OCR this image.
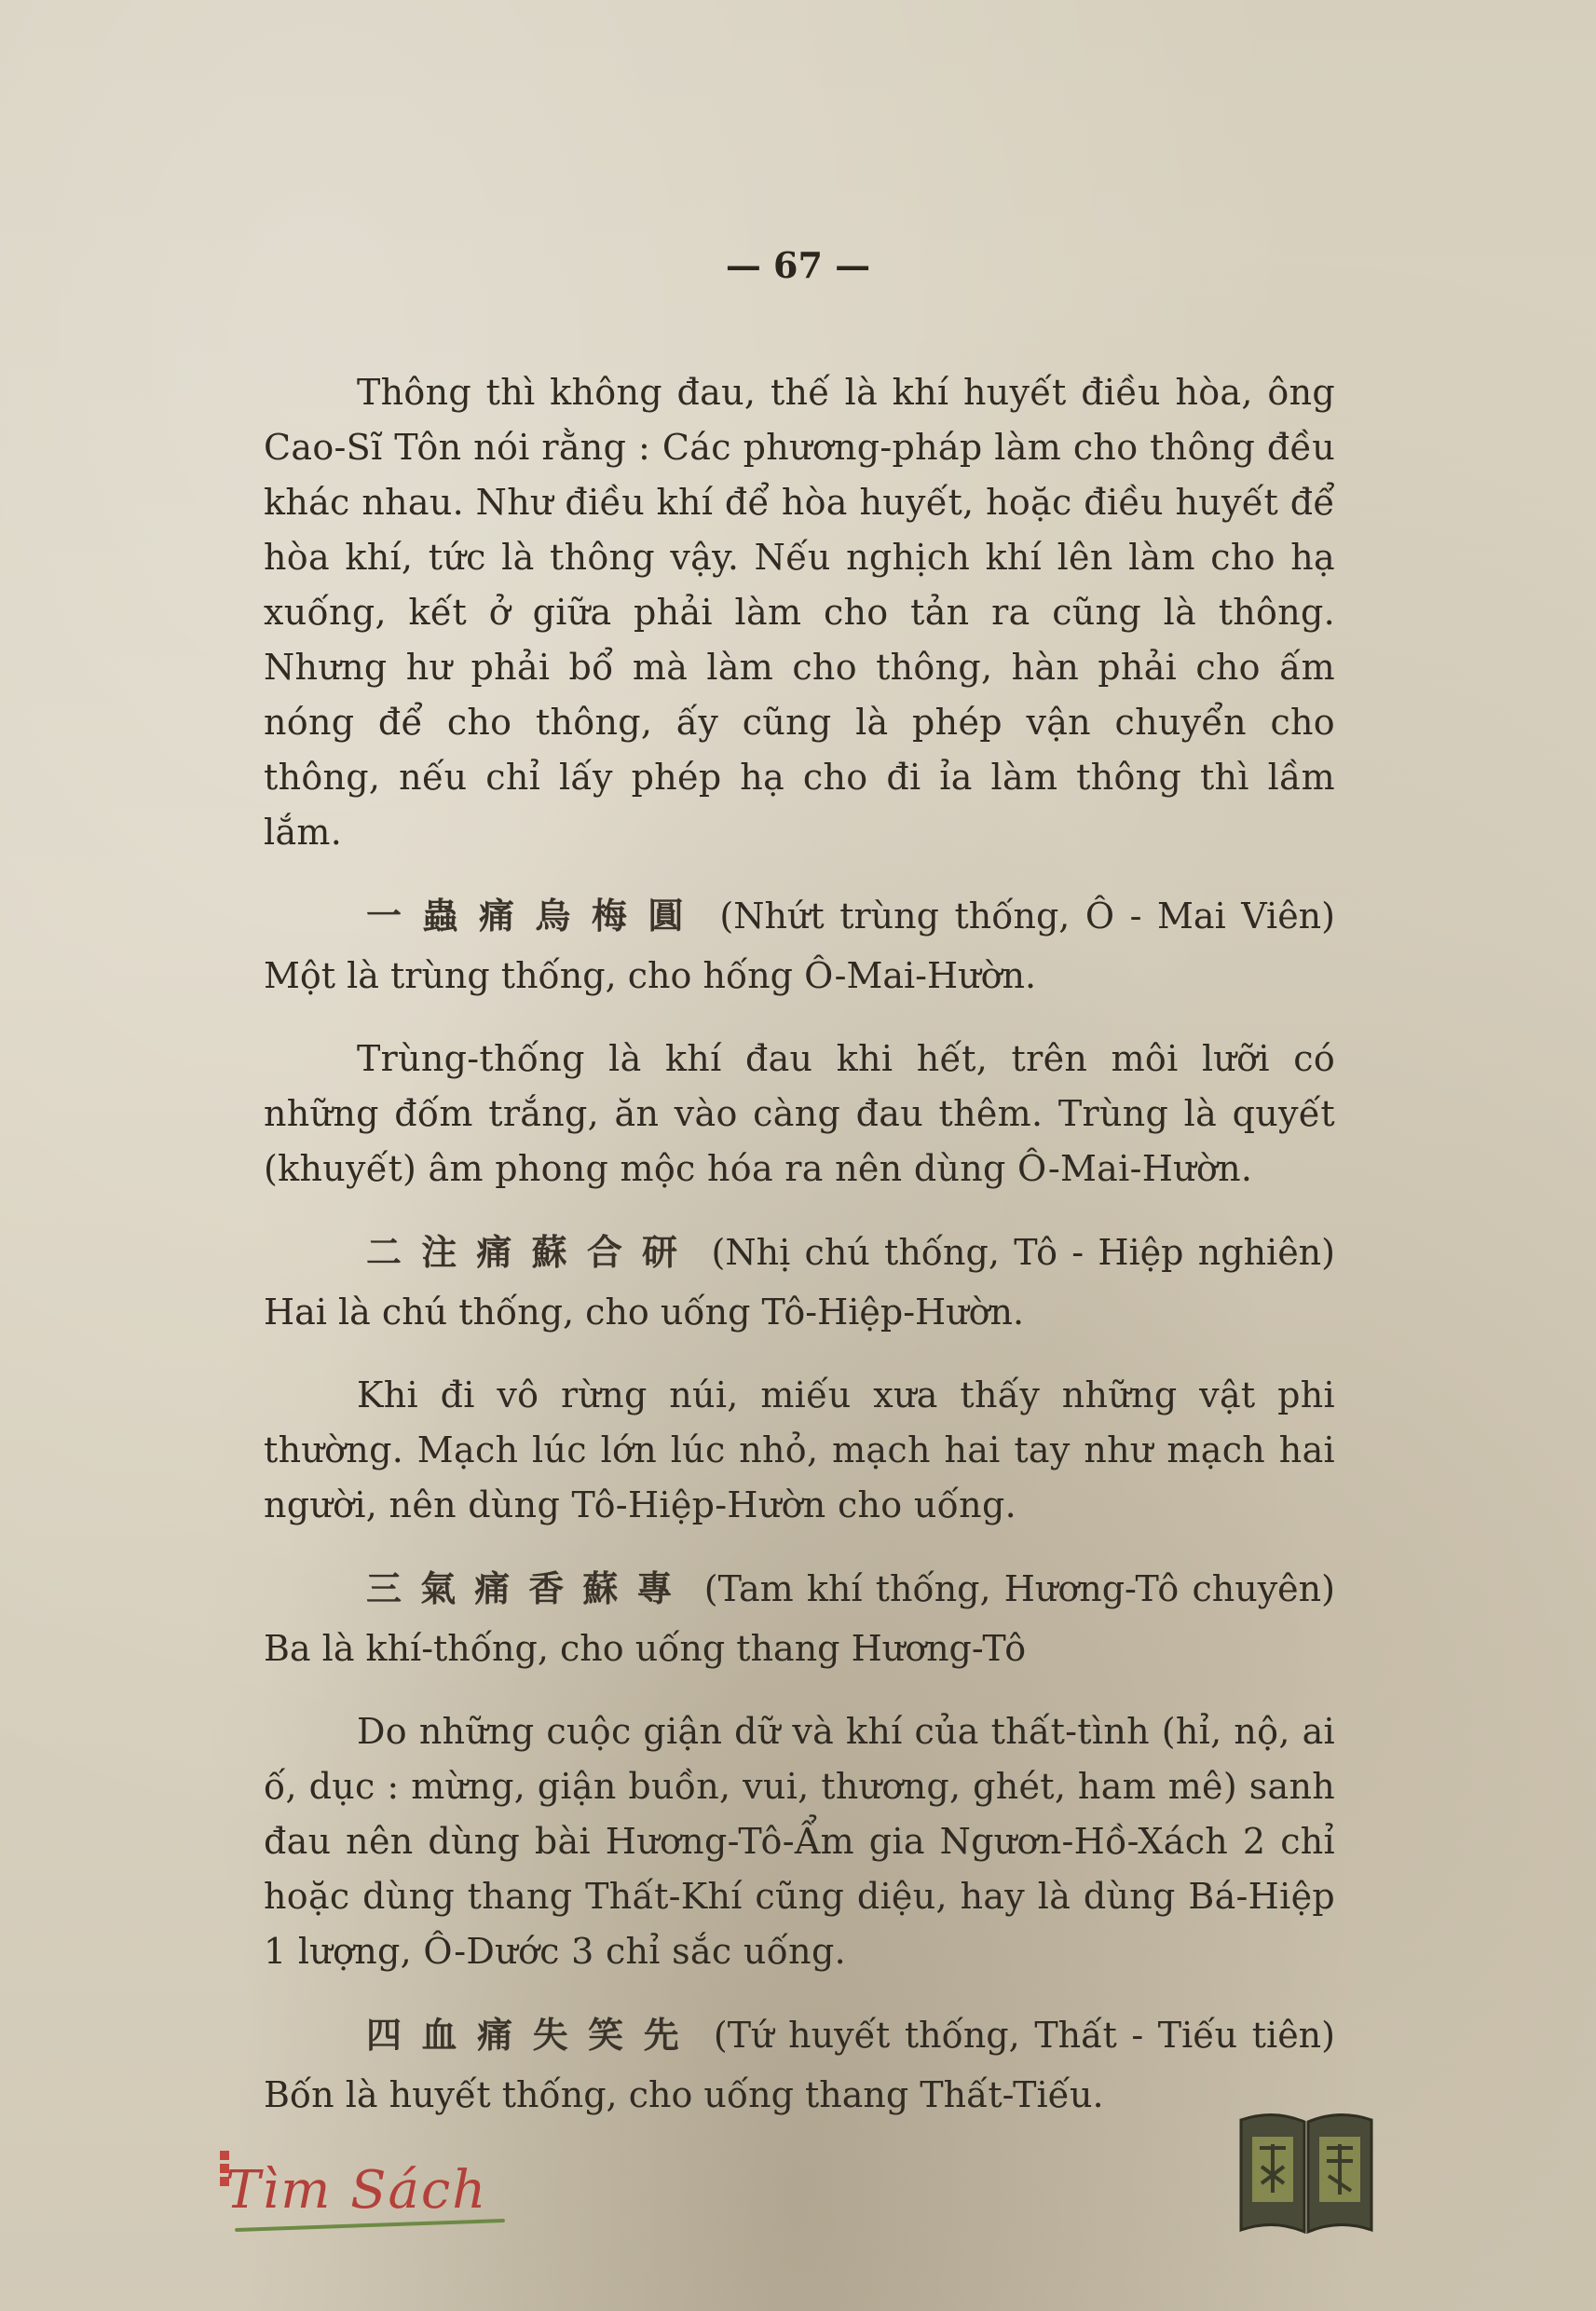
— 67 —

Thông thì không đau, thế là khí huyết điều hòa, ông Cao-Sĩ Tôn nói rằng : Các phương-pháp làm cho thông đều khác nhau. Như điều khí để hòa huyết, hoặc điều huyết để hòa khí, tức là thông vậy. Nếu nghịch khí lên làm cho hạ xuống, kết ở giữa phải làm cho tản ra cũng là thông. Nhưng hư phải bổ mà làm cho thông, hàn phải cho ấm nóng để cho thông, ấy cũng là phép vận chuyển cho thông, nếu chỉ lấy phép hạ cho đi ỉa làm thông thì lầm lắm.

一蟲痛烏梅圓 (Nhứt trùng thống, Ô - Mai Viên) Một là trùng thống, cho hống Ô-Mai-Hườn.

Trùng-thống là khí đau khi hết, trên môi lưỡi có những đốm trắng, ăn vào càng đau thêm. Trùng là quyết (khuyết) âm phong mộc hóa ra nên dùng Ô-Mai-Hườn.

二注痛蘇合研 (Nhị chú thống, Tô - Hiệp nghiên) Hai là chú thống, cho uống Tô-Hiệp-Hườn.

Khi đi vô rừng núi, miếu xưa thấy những vật phi thường. Mạch lúc lớn lúc nhỏ, mạch hai tay như mạch hai người, nên dùng Tô-Hiệp-Hườn cho uống.

三氣痛香蘇專 (Tam khí thống, Hương-Tô chuyên) Ba là khí-thống, cho uống thang Hương-Tô

Do những cuộc giận dữ và khí của thất-tình (hỉ, nộ, ai ố, dục : mừng, giận buồn, vui, thương, ghét, ham mê) sanh đau nên dùng bài Hương-Tô-Ẩm gia Ngươn-Hồ-Xách 2 chỉ hoặc dùng thang Thất-Khí cũng diệu, hay là dùng Bá-Hiệp 1 lượng, Ô-Dước 3 chỉ sắc uống.

四血痛失笑先 (Tứ huyết thống, Thất - Tiếu tiên) Bốn là huyết thống, cho uống thang Thất-Tiếu.

Tìm Sách
